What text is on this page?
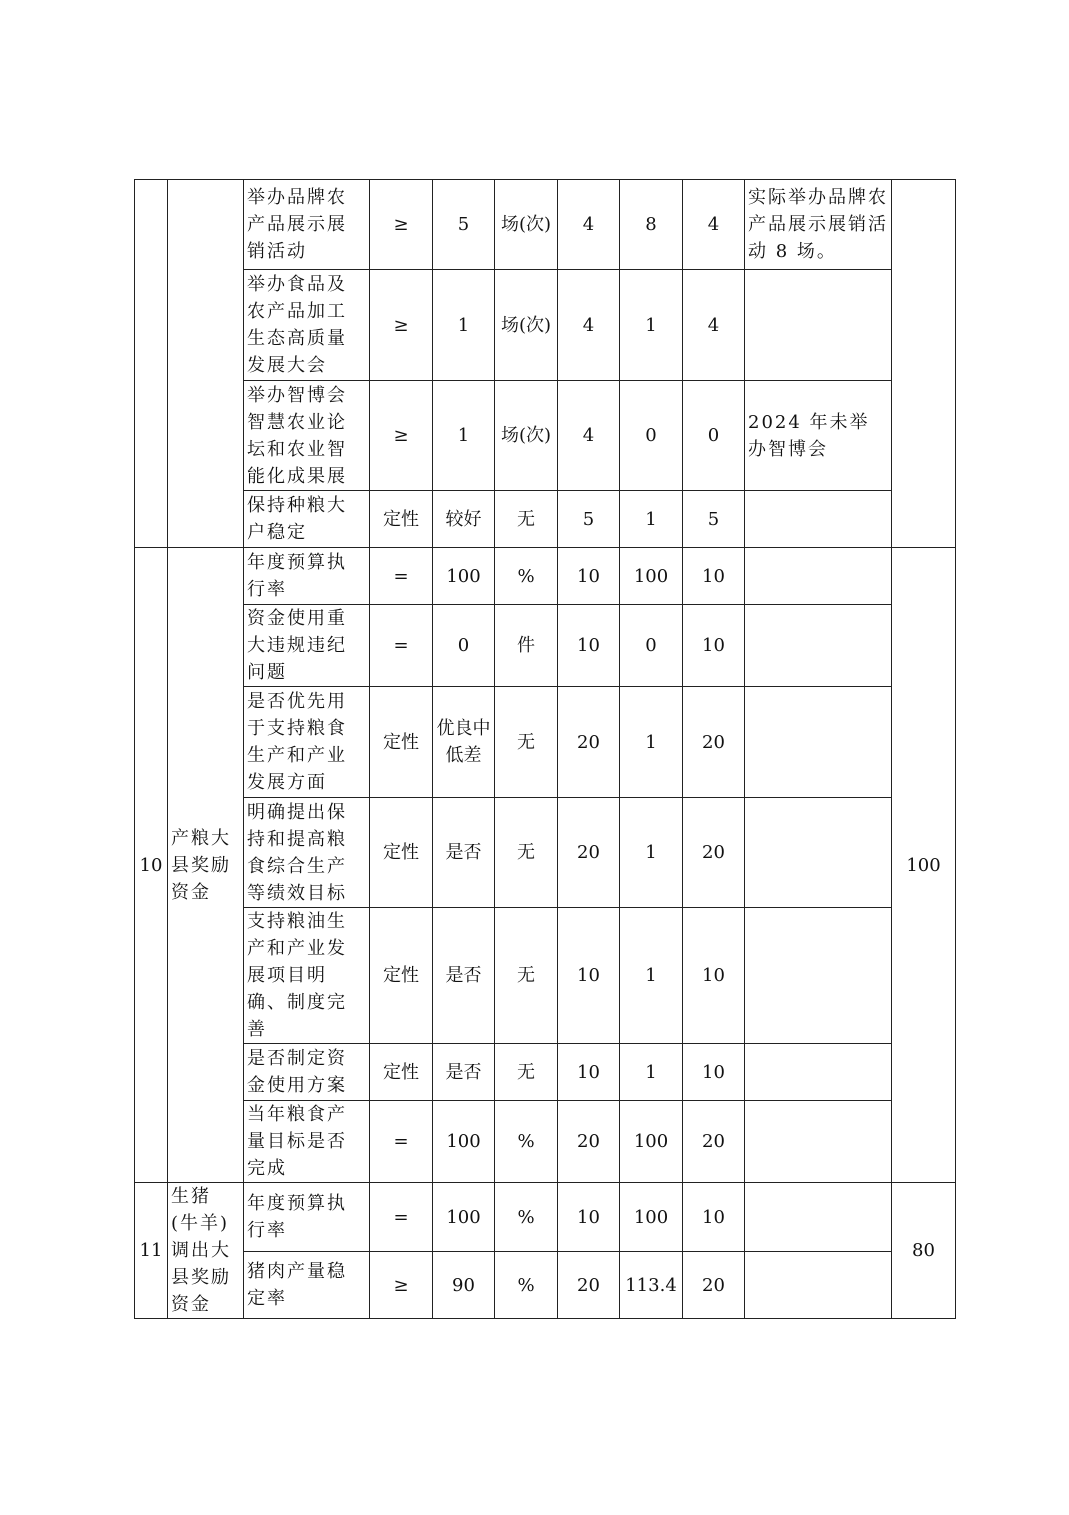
		举办品牌农产品展示展销活动	≥	5	场(次)	4	8	4	实际举办品牌农产品展示展销活动 8 场。	
		举办食品及农产品加工生态高质量发展大会	≥	1	场(次)	4	1	4		
		举办智博会智慧农业论坛和农业智能化成果展	≥	1	场(次)	4	0	0	2024 年未举办智博会	
		保持种粮大户稳定	定性	较好	无	5	1	5		
10	产粮大县奖励资金	年度预算执行率	=	100	%	10	100	10		100
		资金使用重大违规违纪问题	=	0	件	10	0	10		
		是否优先用于支持粮食生产和产业发展方面	定性	优良中低差	无	20	1	20		
		明确提出保持和提高粮食综合生产等绩效目标	定性	是否	无	20	1	20		
		支持粮油生产和产业发展项目明确、制度完善	定性	是否	无	10	1	10		
		是否制定资金使用方案	定性	是否	无	10	1	10		
		当年粮食产量目标是否完成	=	100	%	20	100	20		
11	生猪(牛羊)调出大县奖励资金	年度预算执行率	=	100	%	10	100	10		80
		猪肉产量稳定率	≥	90	%	20	113.4	20		
